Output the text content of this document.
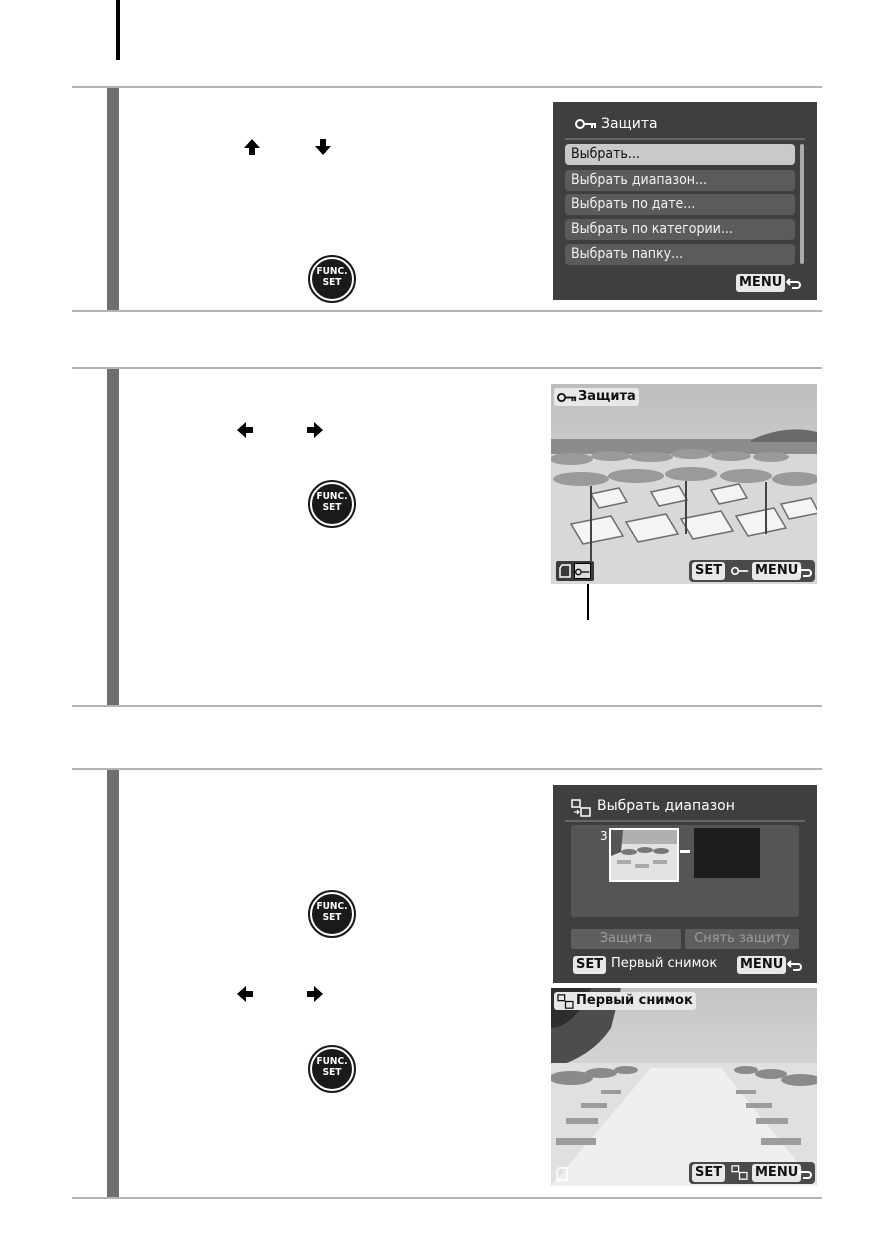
FUNC.
SET
Защита
Выбрать...
Выбрать диапазон...
Выбрать по дате...
Выбрать по категории...
Выбрать папку...
MENU
FUNC.
SET
Защита
SET	MENU
FUNC.
SET
FUNC.
SET
Выбрать диапазон
3
Защита	Снять защиту
SET Первый снимок MENU
Первый снимок
SET	MENU
